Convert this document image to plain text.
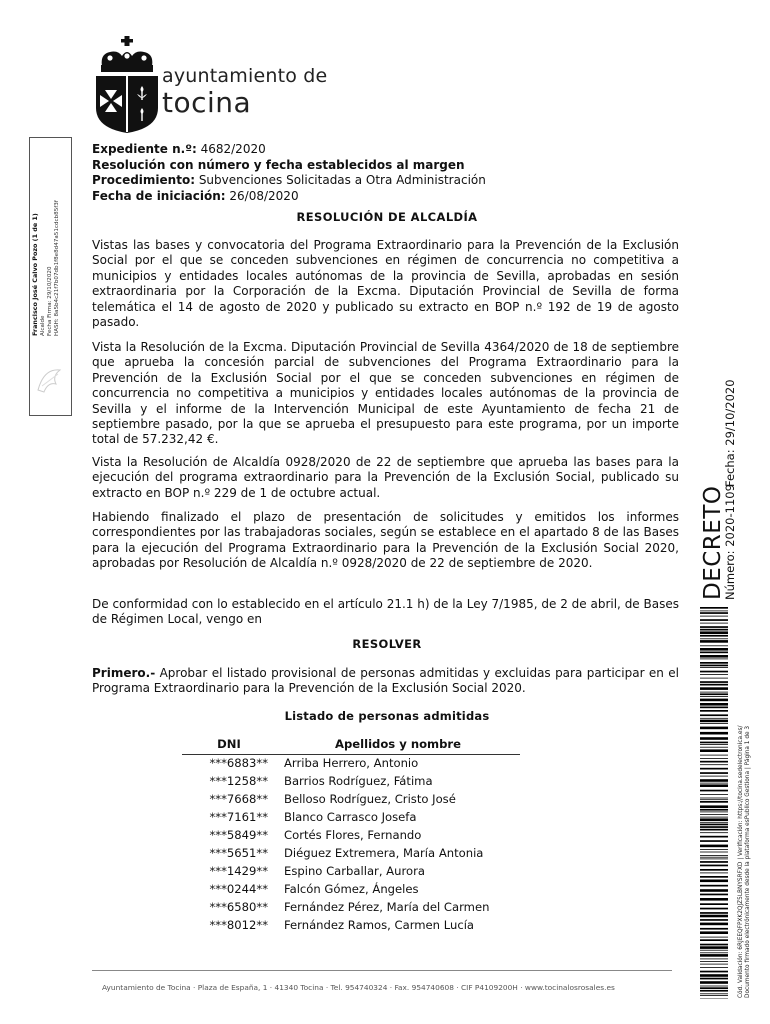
ayuntamiento de
tocina
Francisco José Calvo Pozo (1 de 1) Alcalde Fecha Firma: 29/10/2020 HASH: 8a5b4c21f7b07db1f8e8d47a51cdcb85f3f
Expediente n.º: 4682/2020
Resolución con número y fecha establecidos al margen
Procedimiento: Subvenciones Solicitadas a Otra Administración
Fecha de iniciación: 26/08/2020
RESOLUCIÓN DE ALCALDÍA

Vistas las bases y convocatoria del Programa Extraordinario para la Prevención de la Exclusión Social por el que se conceden subvenciones en régimen de concurrencia no competitiva a municipios y entidades locales autónomas de la provincia de Sevilla, aprobadas en sesión extraordinaria por la Corporación de la Excma. Diputación Provincial de Sevilla de forma telemática el 14 de agosto de 2020 y publicado su extracto en BOP n.º 192 de 19 de agosto pasado.

Vista la Resolución de la Excma. Diputación Provincial de Sevilla 4364/2020 de 18 de septiembre que aprueba la concesión parcial de subvenciones del Programa Extraordinario para la Prevención de la Exclusión Social por el que se conceden subvenciones en régimen de concurrencia no competitiva a municipios y entidades locales autónomas de la provincia de Sevilla y el informe de la Intervención Municipal de este Ayuntamiento de fecha 21 de septiembre pasado, por la que se aprueba el presupuesto para este programa, por un importe total de 57.232,42 €.

Vista la Resolución de Alcaldía 0928/2020 de 22 de septiembre que aprueba las bases para la ejecución del programa extraordinario para la Prevención de la Exclusión Social, publicado su extracto en BOP n.º 229 de 1 de octubre actual.

Habiendo finalizado el plazo de presentación de solicitudes y emitidos los informes correspondientes por las trabajadoras sociales, según se establece en el apartado 8 de las Bases para la ejecución del Programa Extraordinario para la Prevención de la Exclusión Social 2020, aprobadas por Resolución de Alcaldía n.º 0928/2020 de 22 de septiembre de 2020.

De conformidad con lo establecido en el artículo 21.1 h) de la Ley 7/1985, de 2 de abril, de Bases de Régimen Local, vengo en

RESOLVER

Primero.- Aprobar el listado provisional de personas admitidas y excluidas para participar en el Programa Extraordinario para la Prevención de la Exclusión Social 2020.

Listado de personas admitidas
DNI	Apellidos y nombre
***6883**	Arriba Herrero, Antonio
***1258**	Barrios Rodríguez, Fátima
***7668**	Belloso Rodríguez, Cristo José
***7161**	Blanco Carrasco Josefa
***5849**	Cortés Flores, Fernando
***5651**	Diéguez Extremera, María Antonia
***1429**	Espino Carballar, Aurora
***0244**	Falcón Gómez, Ángeles
***6580**	Fernández Pérez, María del Carmen
***8012**	Fernández Ramos, Carmen Lucía
Ayuntamiento de Tocina · Plaza de España, 1 · 41340 Tocina · Tel. 954740324 · Fax. 954740608 · CIF P4109200H · www.tocinalosrosales.es
DECRETO
Número: 2020-1109
Fecha: 29/10/2020
Cód. Validación: 6RJEEQFPXK2QJZ5LBNYSRFXD | Verificación: https://tocina.sedelectronica.es/ Documento firmado electrónicamente desde la plataforma esPublico Gestiona | Página 1 de 3
